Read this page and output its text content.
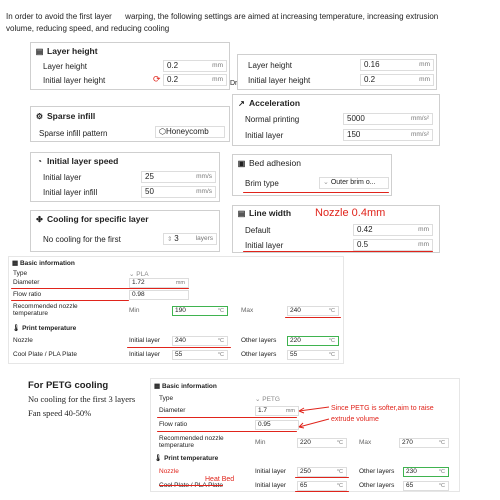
In order to avoid the first layer      warping, the following settings are aimed at increasing temperature, increasing extrusion
volume, reducing speed, and reducing cooling
▤ Layer height
Layer height	0.2	mm
Initial layer height	⟳ 0.2	mm
Dr
Layer height	0.16	mm
Initial layer height	0.2	mm
⚙ Sparse infill
Sparse infill pattern	⬡Honeycomb
↗ Acceleration
Normal printing	5000	mm/s²
Initial layer	150	mm/s²
◔ Initial layer speed
Initial layer	25	mm/s
Initial layer infill	50	mm/s
▣ Bed adhesion
Brim type	⌄ Outer brim o...
✤ Cooling for specific layer
No cooling for the first	⇕ 3	layers
▤ Line width Nozzle 0.4mm
Default	0.42	mm
Initial layer	0.5	mm
▦ Basic information
Type	⌄ PLA
Diameter	1.72	mm
Flow ratio	0.98
Recommended nozzle
temperature	Min	190	°C	Max	240	°C
🌡︎ Print temperature
Nozzle	Initial layer	240	°C	Other layers	220	°C
Cool Plate / PLA Plate	Initial layer	55	°C	Other layers	55	°C
For PETG cooling
No cooling for the first 3 layers
Fan speed 40-50%
▦ Basic information
Type	⌄ PETG
Diameter	1.7	mm
Flow ratio	0.95
Since PETG is softer,aim to raise
extrude volume
Recommended nozzle
temperature	Min	220	°C Max	270	°C
🌡︎ Print temperature
Nozzle	Initial layer	250	°C Other layers	230	°C
Heat Bed
Cool Plate / PLA Plate	Initial layer	65	°C Other layers	65	°C
